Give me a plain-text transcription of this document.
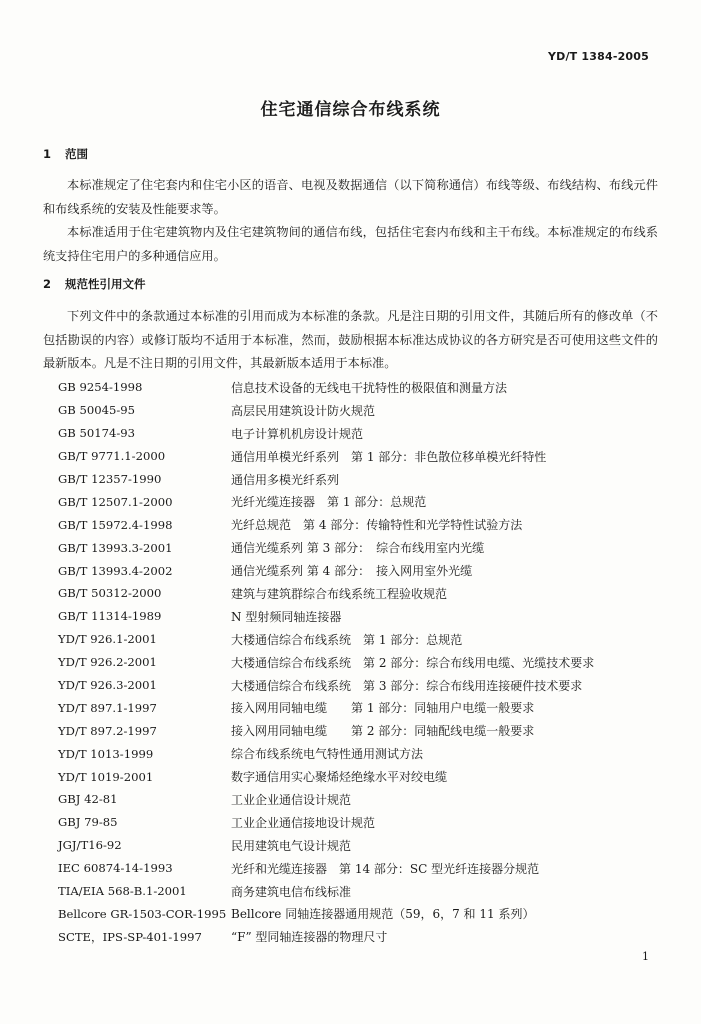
YD/T 1384-2005
住宅通信综合布线系统
1 范围

本标准规定了住宅套内和住宅小区的语音、电视及数据通信（以下简称通信）布线等级、布线结构、布线元件和布线系统的安装及性能要求等。

本标准适用于住宅建筑物内及住宅建筑物间的通信布线，包括住宅套内布线和主干布线。本标准规定的布线系统支持住宅用户的多种通信应用。

2 规范性引用文件

下列文件中的条款通过本标准的引用而成为本标准的条款。凡是注日期的引用文件，其随后所有的修改单（不包括勘误的内容）或修订版均不适用于本标准，然而，鼓励根据本标准达成协议的各方研究是否可使用这些文件的最新版本。凡是不注日期的引用文件，其最新版本适用于本标准。

GB 9254-1998	信息技术设备的无线电干扰特性的极限值和测量方法
GB 50045-95	高层民用建筑设计防火规范
GB 50174-93	电子计算机机房设计规范
GB/T 9771.1-2000	通信用单模光纤系列　第 1 部分：非色散位移单模光纤特性
GB/T 12357-1990	通信用多模光纤系列
GB/T 12507.1-2000	光纤光缆连接器　第 1 部分：总规范
GB/T 15972.4-1998	光纤总规范　第 4 部分：传输特性和光学特性试验方法
GB/T 13993.3-2001	通信光缆系列 第 3 部分：　综合布线用室内光缆
GB/T 13993.4-2002	通信光缆系列 第 4 部分：　接入网用室外光缆
GB/T 50312-2000	建筑与建筑群综合布线系统工程验收规范
GB/T 11314-1989	N 型射频同轴连接器
YD/T 926.1-2001	大楼通信综合布线系统　第 1 部分：总规范
YD/T 926.2-2001	大楼通信综合布线系统　第 2 部分：综合布线用电缆、光缆技术要求
YD/T 926.3-2001	大楼通信综合布线系统　第 3 部分：综合布线用连接硬件技术要求
YD/T 897.1-1997	接入网用同轴电缆　　第 1 部分：同轴用户电缆一般要求
YD/T 897.2-1997	接入网用同轴电缆　　第 2 部分：同轴配线电缆一般要求
YD/T 1013-1999	综合布线系统电气特性通用测试方法
YD/T 1019-2001	数字通信用实心聚烯烃绝缘水平对绞电缆
GBJ 42-81	工业企业通信设计规范
GBJ 79-85	工业企业通信接地设计规范
JGJ/T16-92	民用建筑电气设计规范
IEC 60874-14-1993	光纤和光缆连接器　第 14 部分：SC 型光纤连接器分规范
TIA/EIA 568-B.1-2001	商务建筑电信布线标准
Bellcore GR-1503-COR-1995 Bellcore 同轴连接器通用规范（59，6，7 和 11 系列）
SCTE，IPS-SP-401-1997	“F” 型同轴连接器的物理尺寸
1
